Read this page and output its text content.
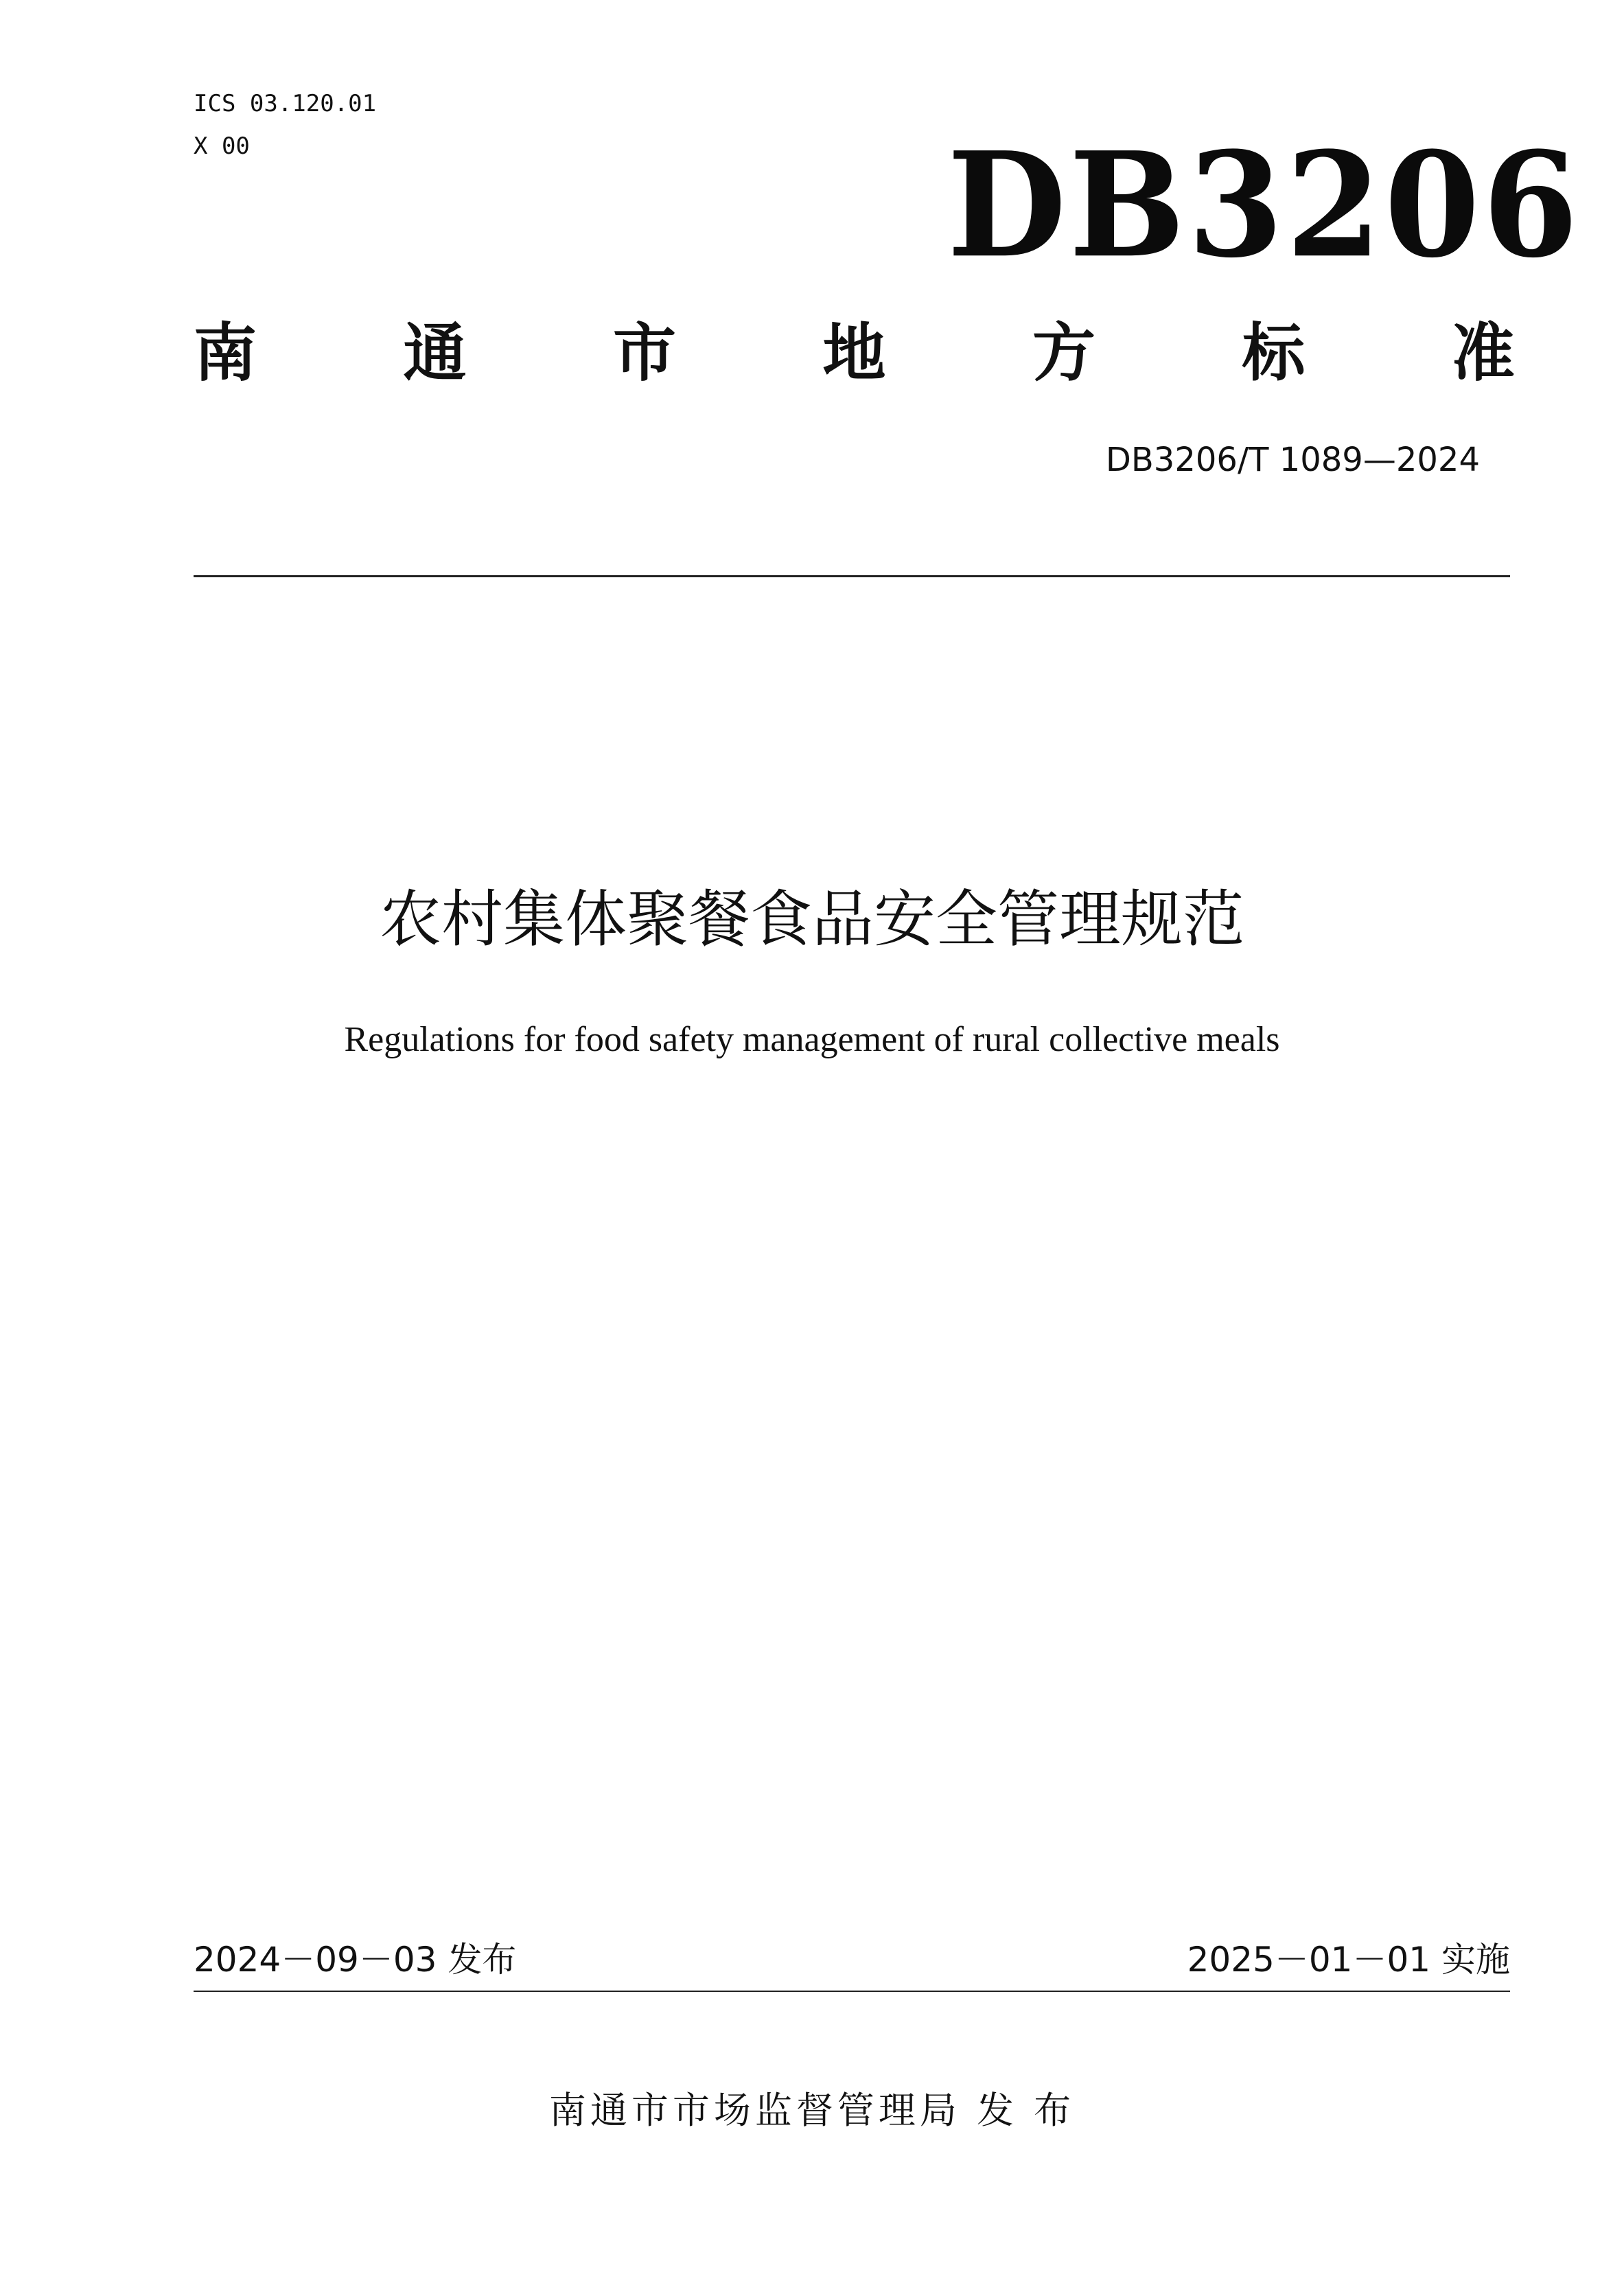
ICS 03.120.01
X 00	DB3206
南 通 市 地 方 标 准
DB3206/T 1089—2024
农村集体聚餐食品安全管理规范
Regulations for food safety management of rural collective meals
2024－09－03 发布	2025－01－01 实施
南通市市场监督管理局 发 布
